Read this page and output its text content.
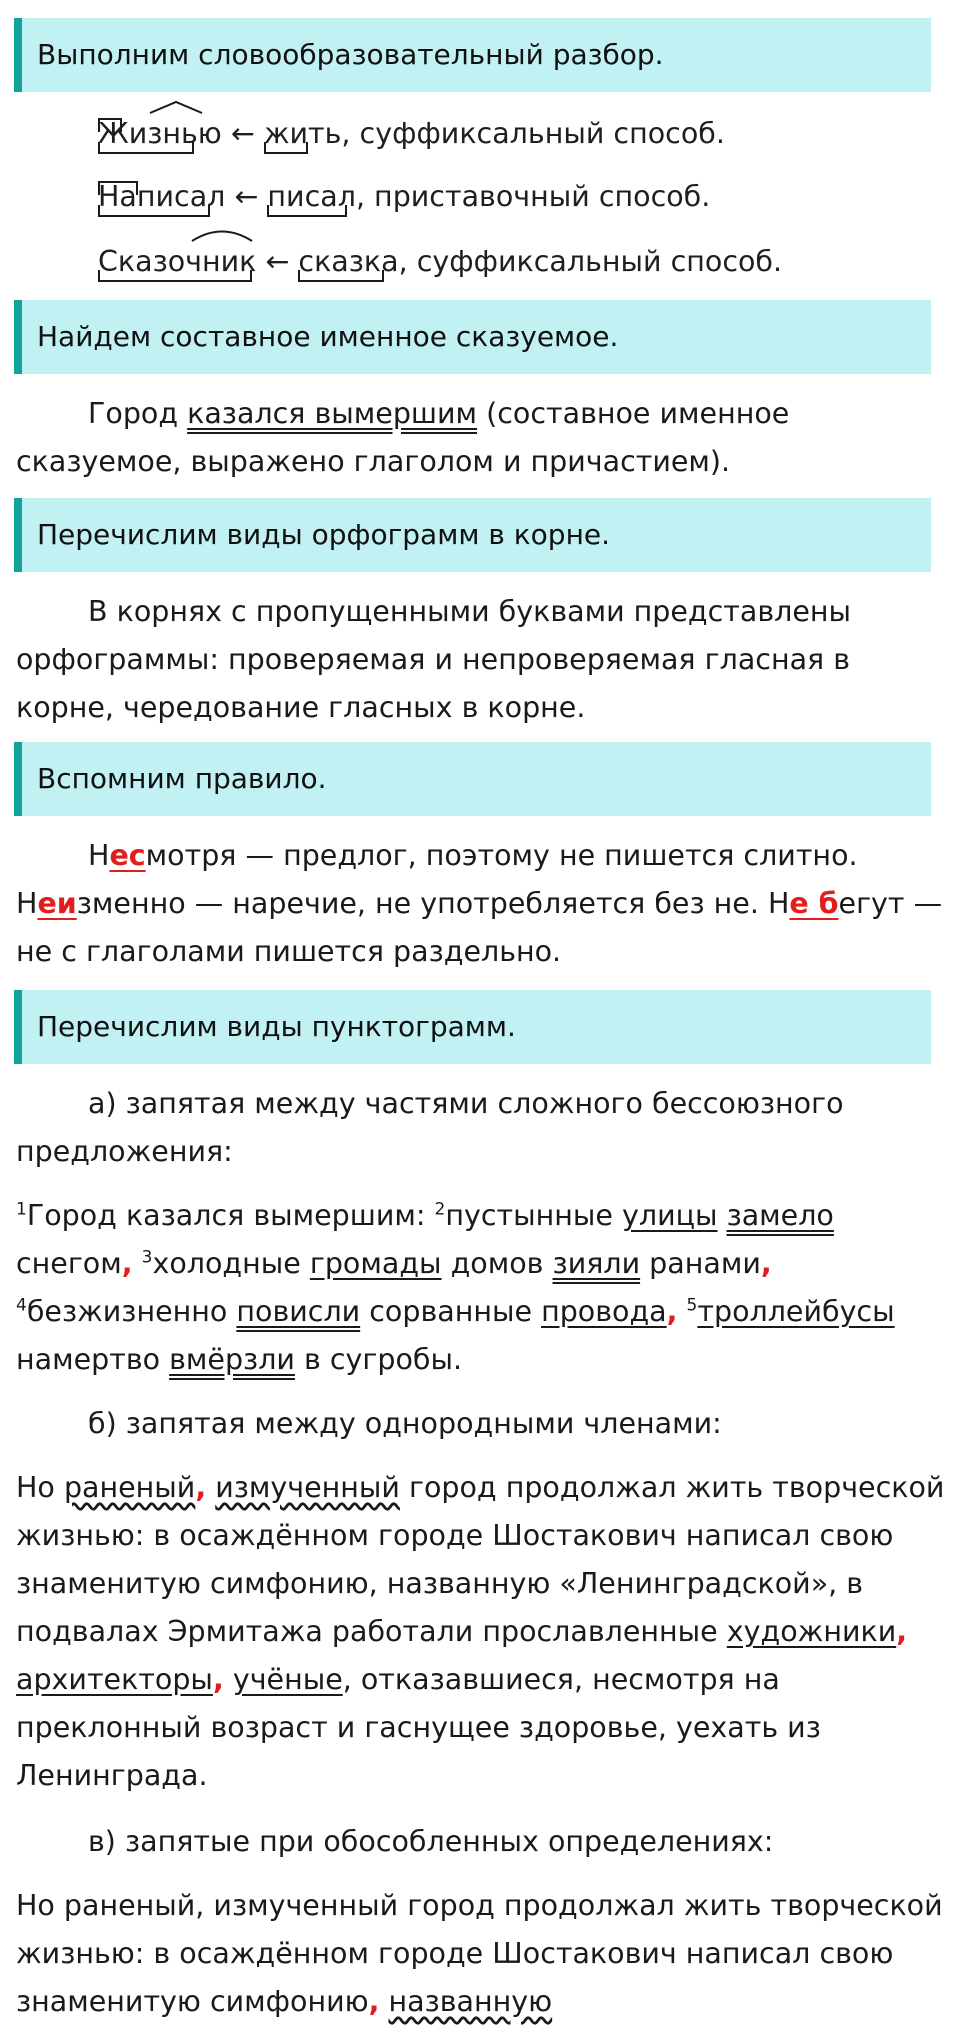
Выполним словообразовательный разбор.
Жизнью ← жить
, суффиксальный способ.
Написал ← писал
, приставочный способ.
Сказочник ← сказка
, суффиксальный способ.
Найдем составное именное сказуемое.

Город казался вымершим (составное именное сказуемое, выражено глаголом и причастием).

Перечислим виды орфограмм в корне.

В корнях с пропущенными буквами представлены орфограммы: проверяемая и непроверяемая гласная в корне, чередование гласных в корне.

Вспомним правило.

Несмотря — предлог, поэтому не пишется слитно. Неизменно — наречие, не употребляется без не. Не бегут — не с глаголами пишется раздельно.

Перечислим виды пунктограмм.

а) запятая между частями сложного бессоюзного предложения:

$^1$Город казался вымершим: $^2$пустынные улицы замело снегом, $^3$холодные громады домов зияли ранами, $^4$безжизненно повисли сорванные провода, $^5$троллейбусы намертво вмёрзли в сугробы.

б) запятая между однородными членами:

Но раненый, измученный город продолжал жить творческой жизнью: в осаждённом городе Шостакович написал свою знаменитую симфонию, названную «Ленинградской», в подвалах Эрмитажа работали прославленные художники, архитекторы, учёные, отказавшиеся, несмотря на преклонный возраст и гаснущее здоровье, уехать из Ленинграда.

в) запятые при обособленных определениях:

Но раненый, измученный город продолжал жить творческой жизнью: в осаждённом городе Шостакович написал свою знаменитую симфонию, названную
